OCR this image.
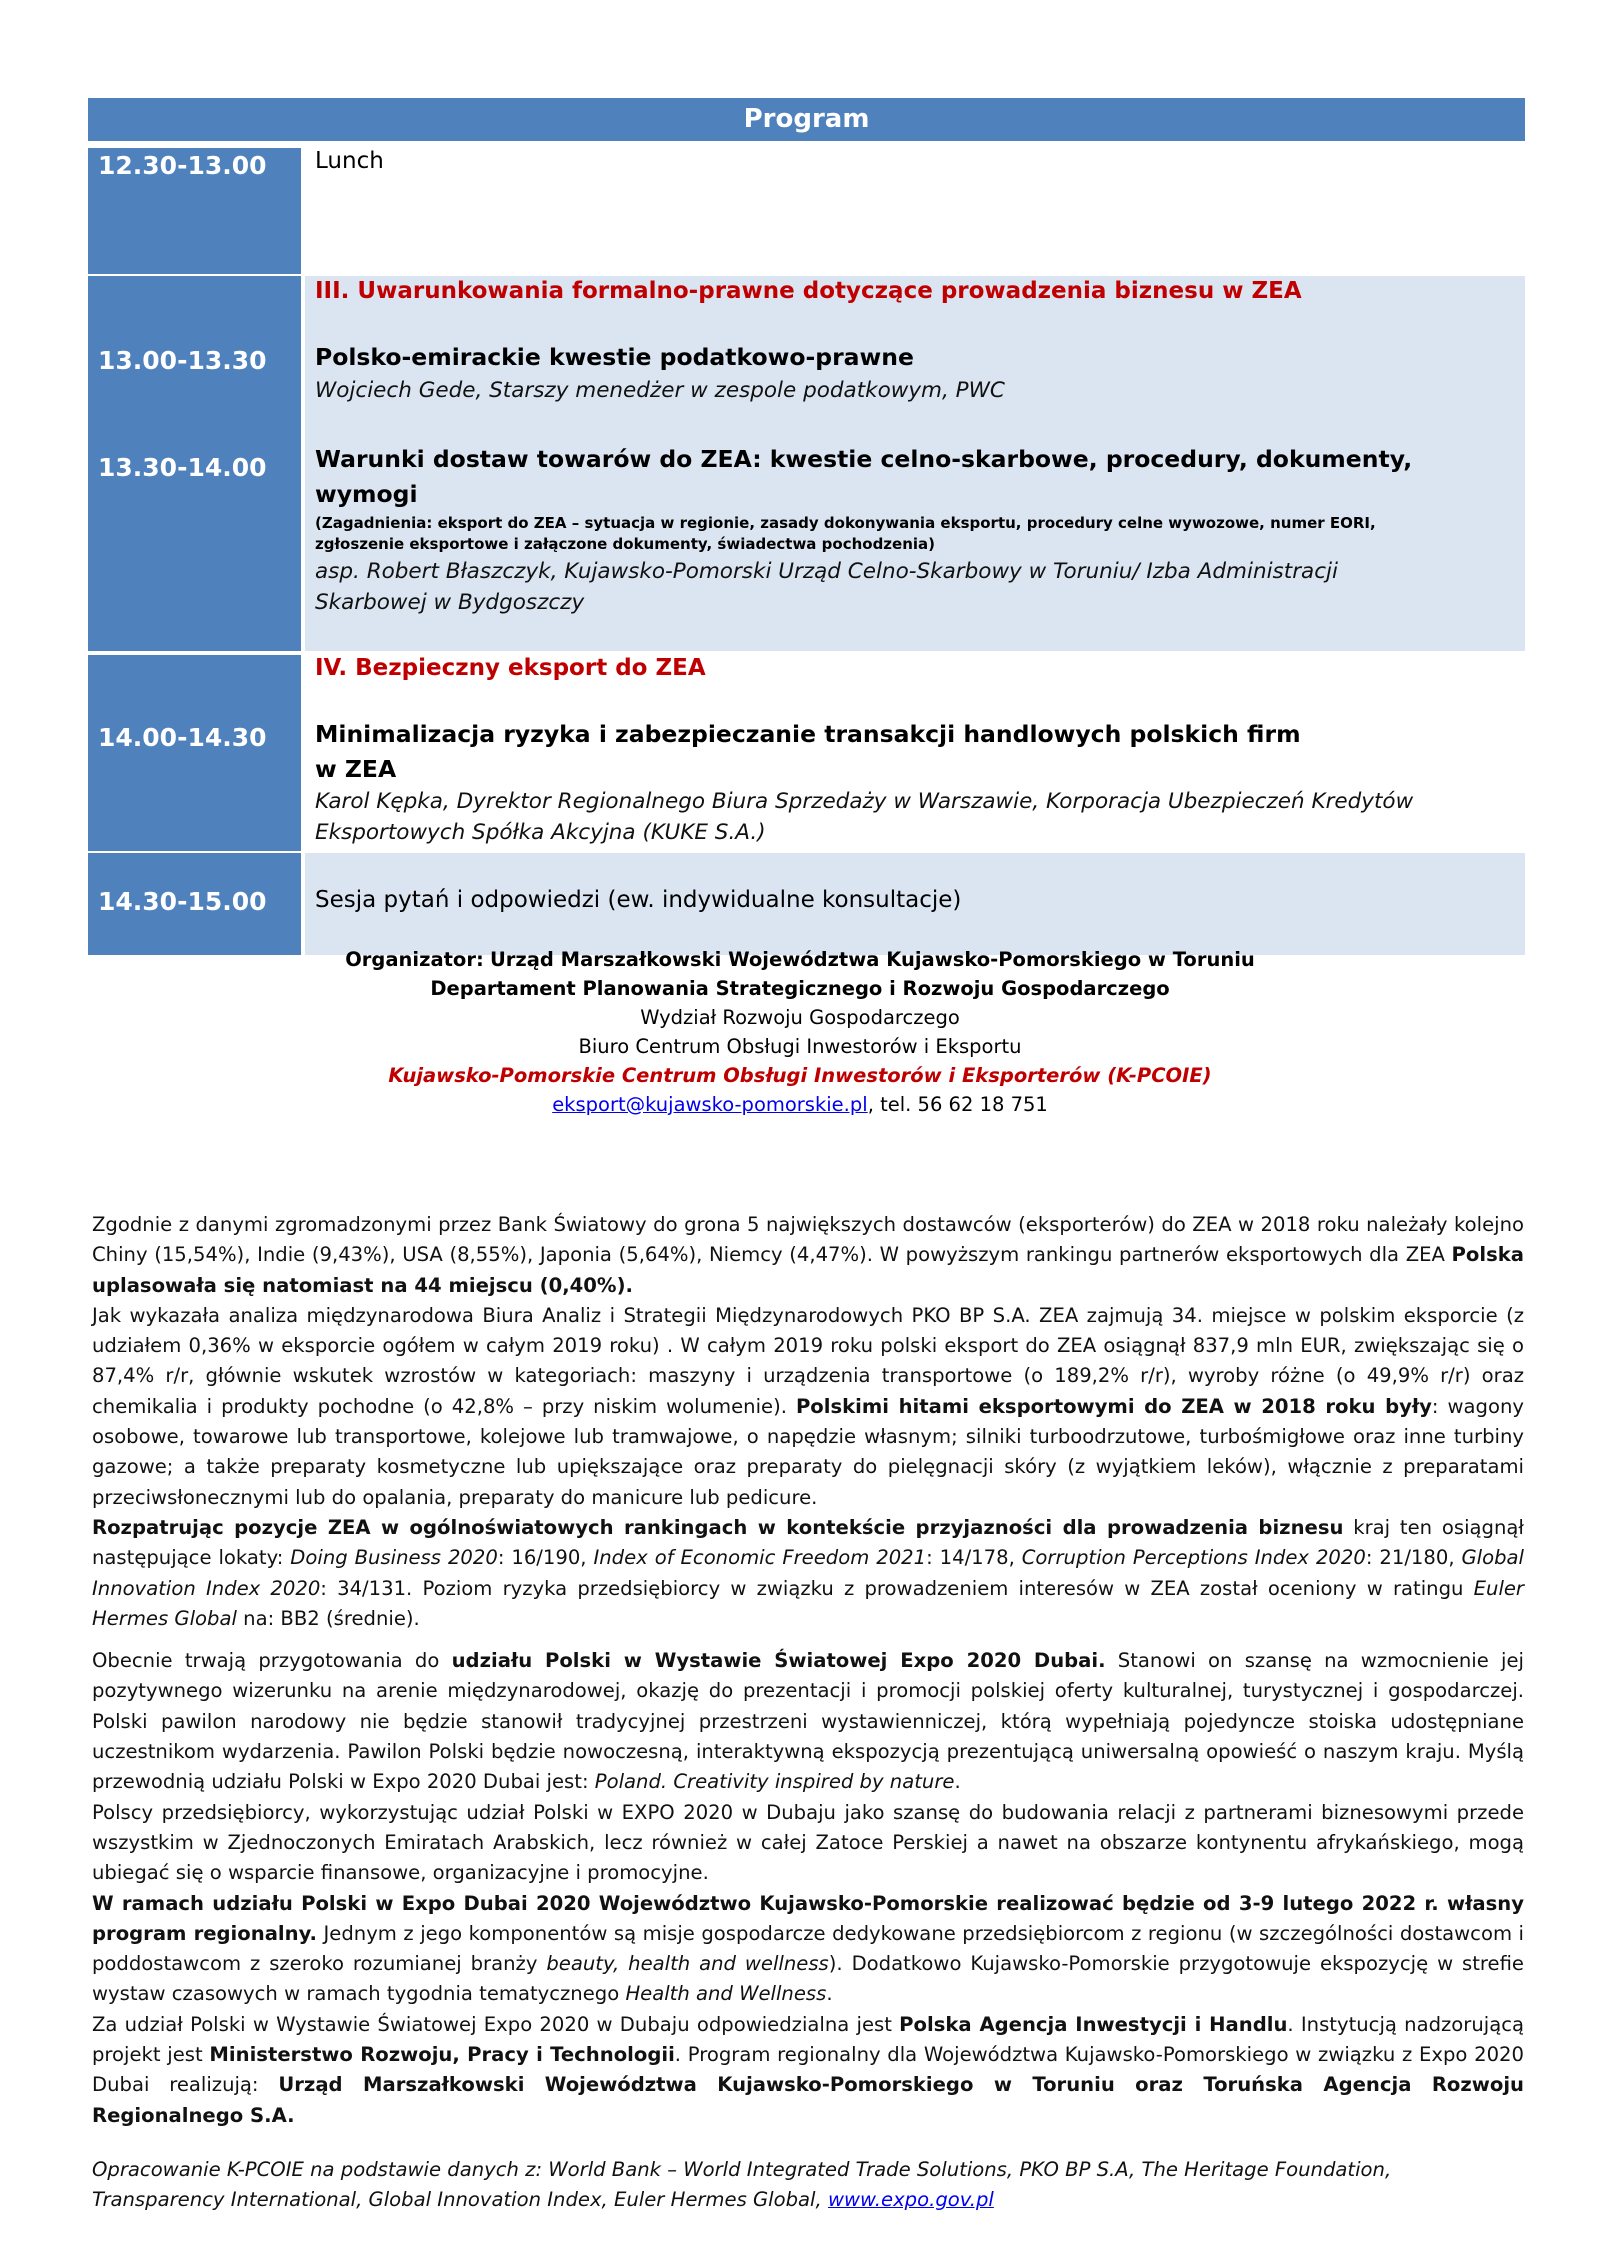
Program
12.30-13.00 Lunch
13.00-13.30
13.30-14.00
III. Uwarunkowania formalno-prawne dotyczące prowadzenia biznesu w ZEA
Polsko-emirackie kwestie podatkowo-prawne
Wojciech Gede, Starszy menedżer w zespole podatkowym, PWC
Warunki dostaw towarów do ZEA: kwestie celno-skarbowe, procedury, dokumenty,
wymogi
(Zagadnienia: eksport do ZEA – sytuacja w regionie, zasady dokonywania eksportu, procedury celne wywozowe, numer EORI,
zgłoszenie eksportowe i załączone dokumenty, świadectwa pochodzenia)
asp. Robert Błaszczyk, Kujawsko-Pomorski Urząd Celno-Skarbowy w Toruniu/ Izba Administracji
Skarbowej w Bydgoszczy
14.00-14.30
IV. Bezpieczny eksport do ZEA
Minimalizacja ryzyka i zabezpieczanie transakcji handlowych polskich firm
w ZEA
Karol Kępka, Dyrektor Regionalnego Biura Sprzedaży w Warszawie, Korporacja Ubezpieczeń Kredytów
Eksportowych Spółka Akcyjna (KUKE S.A.)
14.30-15.00 Sesja pytań i odpowiedzi (ew. indywidualne konsultacje)
Organizator: Urząd Marszałkowski Województwa Kujawsko-Pomorskiego w Toruniu
Departament Planowania Strategicznego i Rozwoju Gospodarczego
Wydział Rozwoju Gospodarczego
Biuro Centrum Obsługi Inwestorów i Eksportu
Kujawsko-Pomorskie Centrum Obsługi Inwestorów i Eksporterów (K-PCOIE)
eksport@kujawsko-pomorskie.pl, tel. 56 62 18 751

Zgodnie z danymi zgromadzonymi przez Bank Światowy do grona 5 największych dostawców (eksporterów) do ZEA w 2018 roku należały kolejno Chiny (15,54%), Indie (9,43%), USA (8,55%), Japonia (5,64%), Niemcy (4,47%). W powyższym rankingu partnerów eksportowych dla ZEA Polska uplasowała się natomiast na 44 miejscu (0,40%).

Jak wykazała analiza międzynarodowa Biura Analiz i Strategii Międzynarodowych PKO BP S.A. ZEA zajmują 34. miejsce w polskim eksporcie (z udziałem 0,36% w eksporcie ogółem w całym 2019 roku) . W całym 2019 roku polski eksport do ZEA osiągnął 837,9 mln EUR, zwiększając się o 87,4% r/r, głównie wskutek wzrostów w kategoriach: maszyny i urządzenia transportowe (o 189,2% r/r), wyroby różne (o 49,9% r/r) oraz chemikalia i produkty pochodne (o 42,8% – przy niskim wolumenie). Polskimi hitami eksportowymi do ZEA w 2018 roku były: wagony osobowe, towarowe lub transportowe, kolejowe lub tramwajowe, o napędzie własnym; silniki turboodrzutowe, turbośmigłowe oraz inne turbiny gazowe; a także preparaty kosmetyczne lub upiększające oraz preparaty do pielęgnacji skóry (z wyjątkiem leków), włącznie z preparatami przeciwsłonecznymi lub do opalania, preparaty do manicure lub pedicure.

Rozpatrując pozycje ZEA w ogólnoświatowych rankingach w kontekście przyjazności dla prowadzenia biznesu kraj ten osiągnął następujące lokaty: Doing Business 2020: 16/190, Index of Economic Freedom 2021: 14/178, Corruption Perceptions Index 2020: 21/180, Global Innovation Index 2020: 34/131. Poziom ryzyka przedsiębiorcy w związku z prowadzeniem interesów w ZEA został oceniony w ratingu Euler Hermes Global na: BB2 (średnie).

Obecnie trwają przygotowania do udziału Polski w Wystawie Światowej Expo 2020 Dubai. Stanowi on szansę na wzmocnienie jej pozytywnego wizerunku na arenie międzynarodowej, okazję do prezentacji i promocji polskiej oferty kulturalnej, turystycznej i gospodarczej. Polski pawilon narodowy nie będzie stanowił tradycyjnej przestrzeni wystawienniczej, którą wypełniają pojedyncze stoiska udostępniane uczestnikom wydarzenia. Pawilon Polski będzie nowoczesną, interaktywną ekspozycją prezentującą uniwersalną opowieść o naszym kraju. Myślą przewodnią udziału Polski w Expo 2020 Dubai jest: Poland. Creativity inspired by nature.

Polscy przedsiębiorcy, wykorzystując udział Polski w EXPO 2020 w Dubaju jako szansę do budowania relacji z partnerami biznesowymi przede wszystkim w Zjednoczonych Emiratach Arabskich, lecz również w całej Zatoce Perskiej a nawet na obszarze kontynentu afrykańskiego, mogą ubiegać się o wsparcie finansowe, organizacyjne i promocyjne.

W ramach udziału Polski w Expo Dubai 2020 Województwo Kujawsko-Pomorskie realizować będzie od 3-9 lutego 2022 r. własny program regionalny. Jednym z jego komponentów są misje gospodarcze dedykowane przedsiębiorcom z regionu (w szczególności dostawcom i poddostawcom z szeroko rozumianej branży beauty, health and wellness). Dodatkowo Kujawsko-Pomorskie przygotowuje ekspozycję w strefie wystaw czasowych w ramach tygodnia tematycznego Health and Wellness.

Za udział Polski w Wystawie Światowej Expo 2020 w Dubaju odpowiedzialna jest Polska Agencja Inwestycji i Handlu. Instytucją nadzorującą projekt jest Ministerstwo Rozwoju, Pracy i Technologii. Program regionalny dla Województwa Kujawsko-Pomorskiego w związku z Expo 2020 Dubai realizują: Urząd Marszałkowski Województwa Kujawsko-Pomorskiego w Toruniu oraz Toruńska Agencja Rozwoju Regionalnego S.A.

Opracowanie K-PCOIE na podstawie danych z: World Bank – World Integrated Trade Solutions, PKO BP S.A, The Heritage Foundation,
Transparency International, Global Innovation Index, Euler Hermes Global, www.expo.gov.pl
